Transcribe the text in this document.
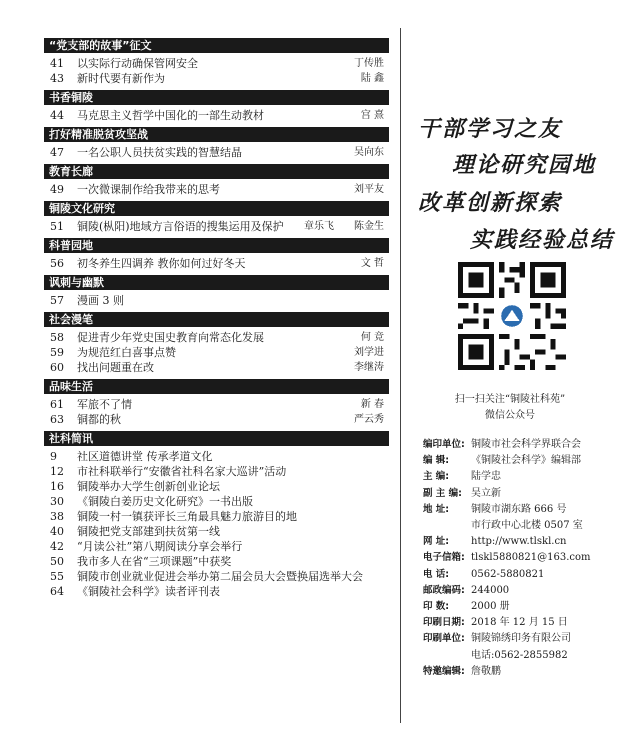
“党支部的故事”征文
41 以实际行动确保管网安全	丁传胜
43 新时代要有新作为	陆 鑫
书香铜陵
44 马克思主义哲学中国化的一部生动教材	宫 熹
打好精准脱贫攻坚战
47 一名公职人员扶贫实践的智慧结晶	吴向东
教育长廊
49 一次微课制作给我带来的思考	刘平友
铜陵文化研究
51 铜陵(枞阳)地域方言俗语的搜集运用及保护 章乐飞 陈金生
科普园地
56 初冬养生四调养 教你如何过好冬天	文 哲
讽刺与幽默
57 漫画 3 则
社会漫笔
58 促进青少年党史国史教育向常态化发展	何 竞
59 为规范红白喜事点赞	刘学进
60 找出问题重在改	李继涛
品味生活
61 军旅不了情	新 春
63 铜都的秋	严云秀
社科简讯
9 社区道德讲堂 传承孝道文化
12 市社科联举行“安徽省社科名家大巡讲”活动
16 铜陵举办大学生创新创业论坛
30 《铜陵白姜历史文化研究》一书出版
38 铜陵一村一镇获评长三角最具魅力旅游目的地
40 铜陵把党支部建到扶贫第一线
42 “月读公社”第八期阅读分享会举行
50 我市多人在省“三项课题”中获奖
55 铜陵市创业就业促进会举办第二届会员大会暨换届选举大会
64 《铜陵社会科学》读者评刊表
干部学习之友
理论研究园地
改革创新探索
实践经验总结
扫一扫关注“铜陵社科苑”
微信公众号
编印单位: 铜陵市社会科学界联合会
编 辑: 《铜陵社会科学》编辑部
主 编: 陆学忠
副 主 编: 吴立新
地 址: 铜陵市湖东路 666 号
市行政中心北楼 0507 室
网 址: http://www.tlskl.cn
电子信箱: tlskl5880821@163.com
电 话: 0562-5880821
邮政编码: 244000
印 数: 2000 册
印刷日期: 2018 年 12 月 15 日
印刷单位: 铜陵锦绣印务有限公司
电话:0562-2855982
特邀编辑: 詹敬鹏
